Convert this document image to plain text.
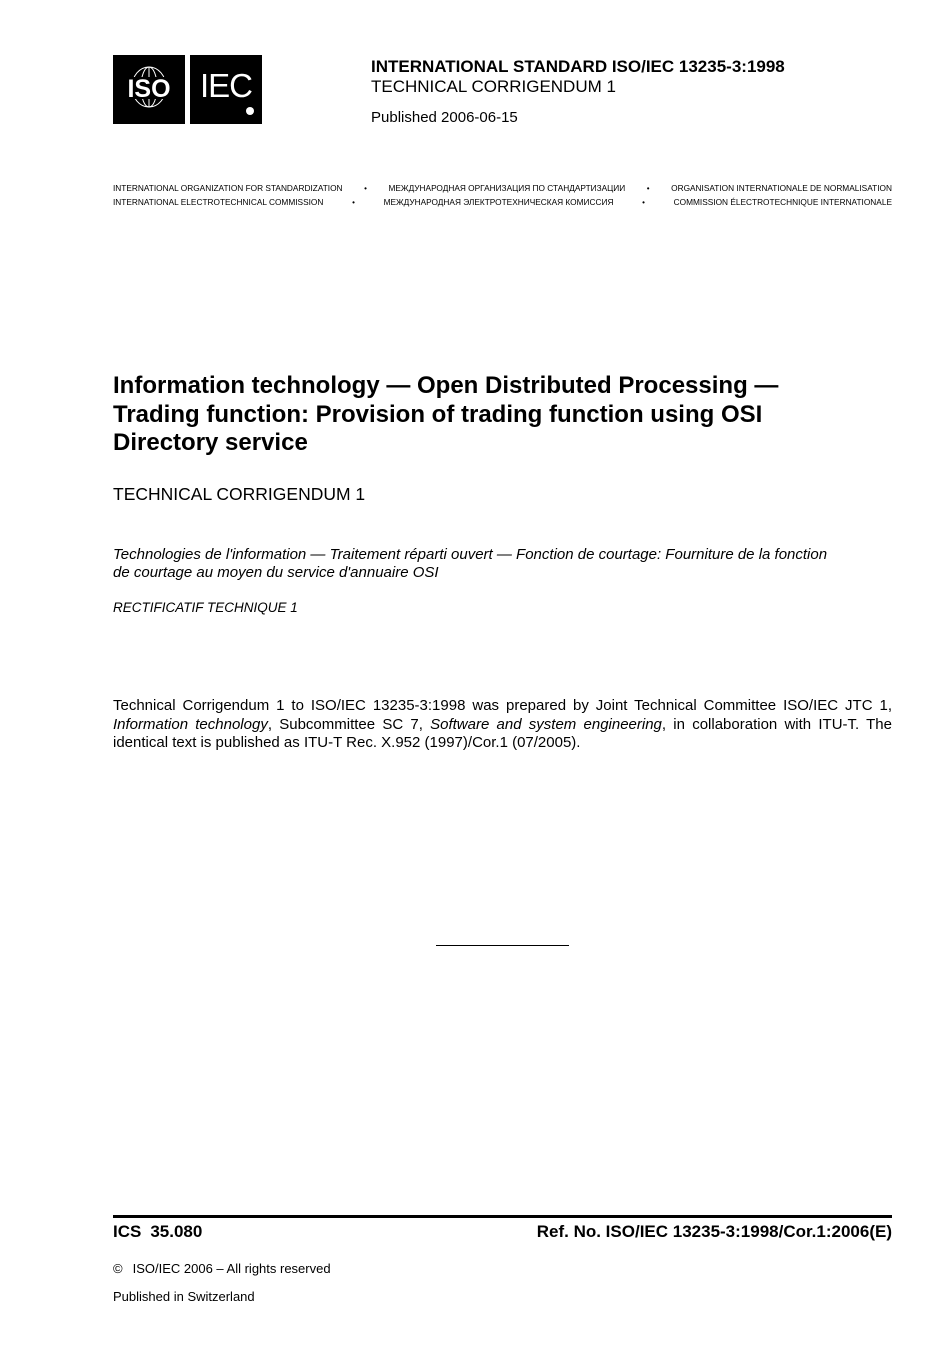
ISO IEC
INTERNATIONAL STANDARD ISO/IEC 13235-3:1998
TECHNICAL CORRIGENDUM 1
Published 2006-06-15
INTERNATIONAL ORGANIZATION FOR STANDARDIZATION	•	МЕЖДУНАРОДНАЯ ОРГАНИЗАЦИЯ ПО СТАНДАРТИЗАЦИИ	•	ORGANISATION INTERNATIONALE DE NORMALISATION
INTERNATIONAL ELECTROTECHNICAL COMMISSION	•	МЕЖДУНАРОДНАЯ ЭЛЕКТРОТЕХНИЧЕСКАЯ КОМИССИЯ	•	COMMISSION ÉLECTROTECHNIQUE INTERNATIONALE
Information technology — Open Distributed Processing —
Trading function: Provision of trading function using OSI
Directory service
TECHNICAL CORRIGENDUM 1
Technologies de l'information — Traitement réparti ouvert — Fonction de courtage: Fourniture de la fonction
de courtage au moyen du service d'annuaire OSI
RECTIFICATIF TECHNIQUE 1
Technical Corrigendum 1 to ISO/IEC 13235-3:1998 was prepared by Joint Technical Committee ISO/IEC JTC 1, Information technology, Subcommittee SC 7, Software and system engineering, in collaboration with ITU-T. The identical text is published as ITU-T Rec. X.952 (1997)/Cor.1 (07/2005).
ICS 35.080	Ref. No. ISO/IEC 13235-3:1998/Cor.1:2006(E)
© ISO/IEC 2006 – All rights reserved
Published in Switzerland
